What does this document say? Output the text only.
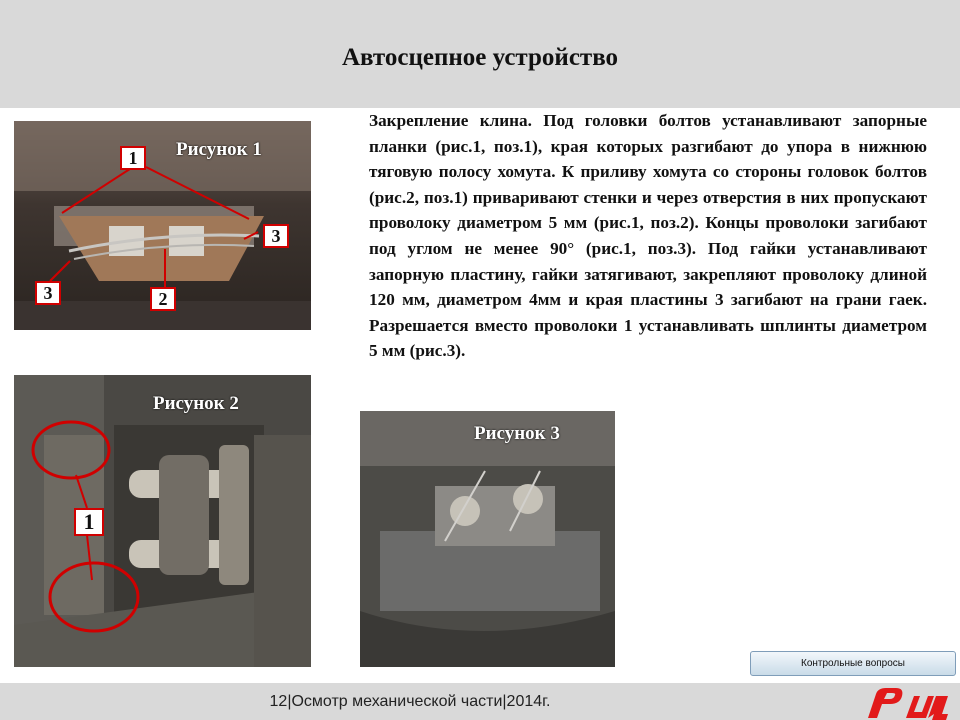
Автосцепное устройство
Закрепление клина. Под головки болтов устанавливают запорные планки (рис.1, поз.1), края которых разгибают до упора в нижнюю тяговую полосу хомута. К приливу хомута со стороны головок болтов (рис.2, поз.1) приваривают стенки и через отверстия в них пропускают проволоку диаметром 5 мм (рис.1, поз.2). Концы проволоки загибают под углом не менее 90° (рис.1, поз.3). Под гайки устанавливают запорную пластину, гайки затягивают, закрепляют проволоку длиной 120 мм, диаметром 4мм и края пластины 3 загибают на грани гаек. Разрешается вместо проволоки 1 устанавливать шплинты диаметром 5 мм (рис.3).
Рисунок 1
1
2
3
3
Рисунок 2
1
Рисунок 3
Контрольные вопросы
12|Осмотр механической части|2014г.
